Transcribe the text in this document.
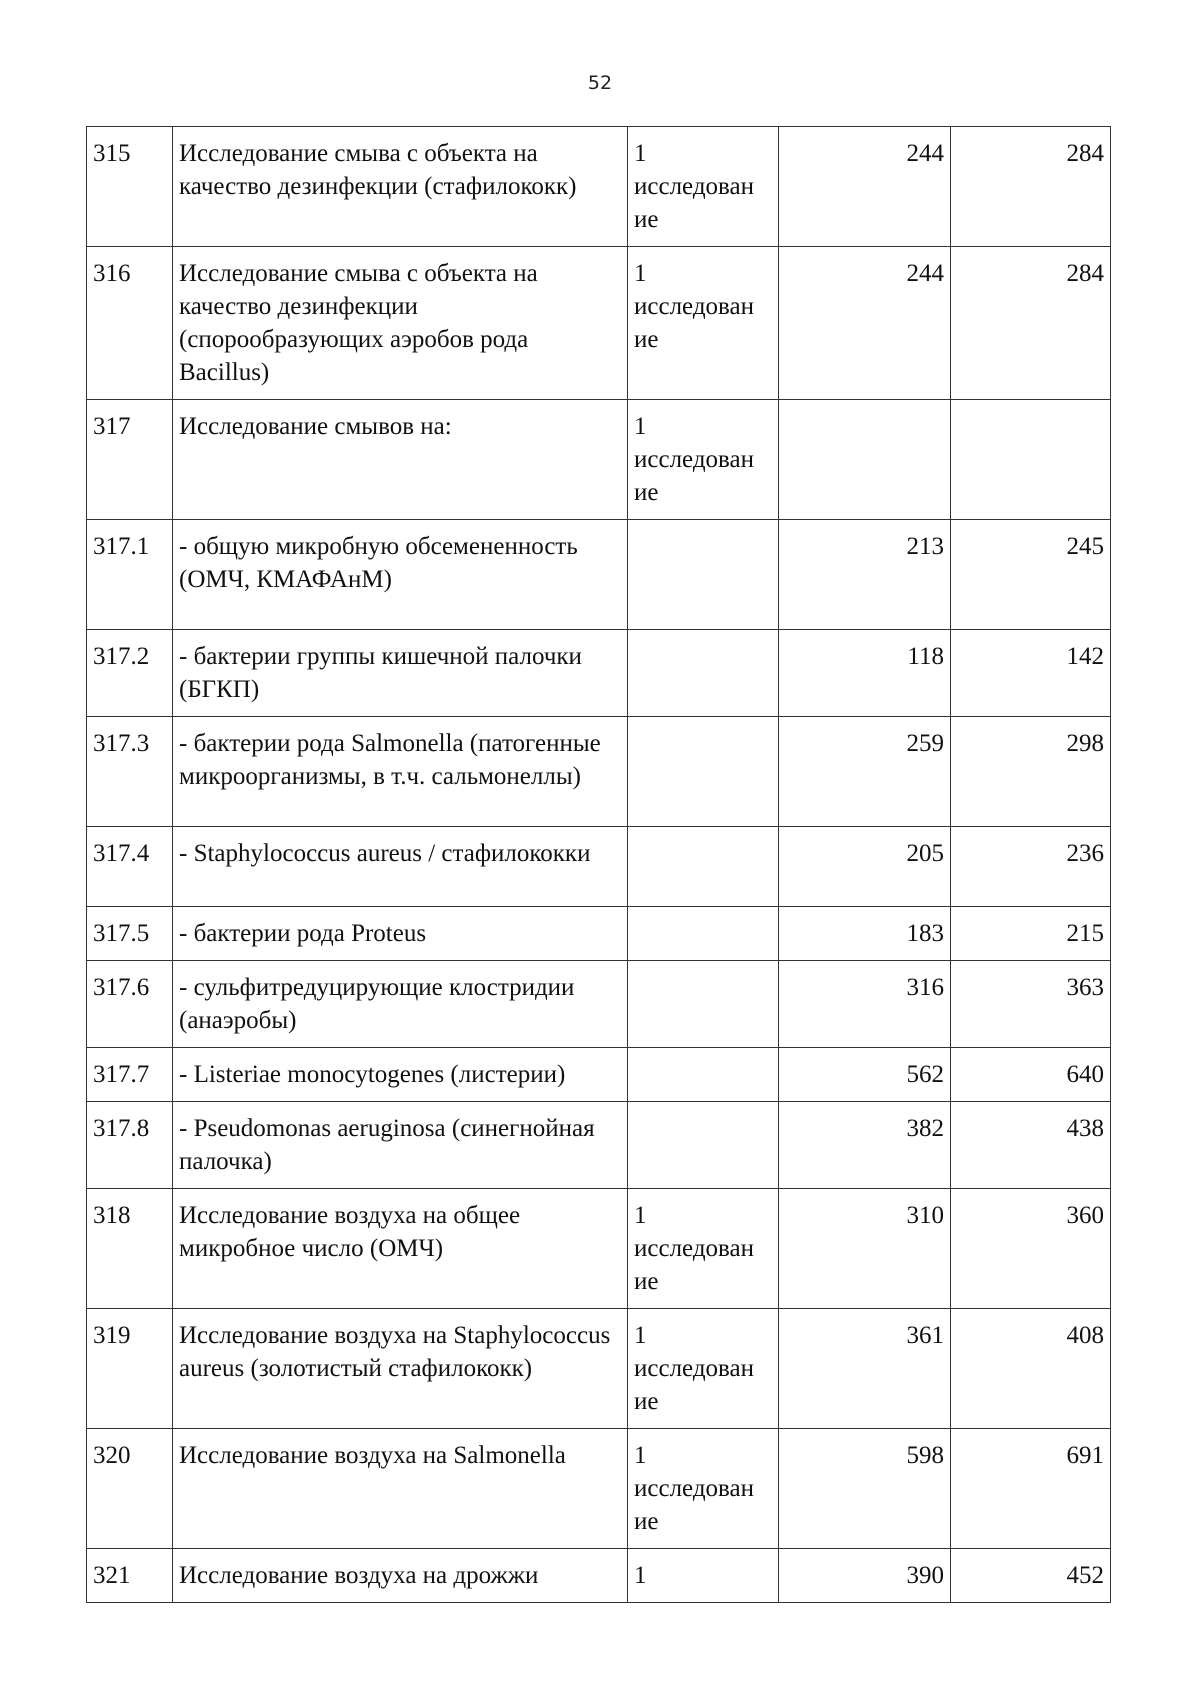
52
315	Исследование смыва с объекта на качество дезинфекции (стафилококк)	1 исследован ие	244	284
316	Исследование смыва с объекта на качество дезинфекции (спорообразующих аэробов рода Bacillus)	1 исследован ие	244	284
317	Исследование смывов на:	1 исследован ие		
317.1	- общую микробную обсемененность (ОМЧ, КМАФАнМ)		213	245
317.2	- бактерии группы кишечной палочки (БГКП)		118	142
317.3	- бактерии рода Salmonella (патогенные микроорганизмы, в т.ч. сальмонеллы)		259	298
317.4	- Staphylococcus aureus / стафилококки		205	236
317.5	- бактерии рода Proteus		183	215
317.6	- сульфитредуцирующие клостридии (анаэробы)		316	363
317.7	- Listeriae monocytogenes (листерии)		562	640
317.8	- Pseudomonas aeruginosa (синегнойная палочка)		382	438
318	Исследование воздуха на общее микробное число (ОМЧ)	1 исследован ие	310	360
319	Исследование воздуха на Staphylococcus aureus (золотистый стафилококк)	1 исследован ие	361	408
320	Исследование воздуха на Salmonella	1 исследован ие	598	691
321	Исследование воздуха на дрожжи	1	390	452
